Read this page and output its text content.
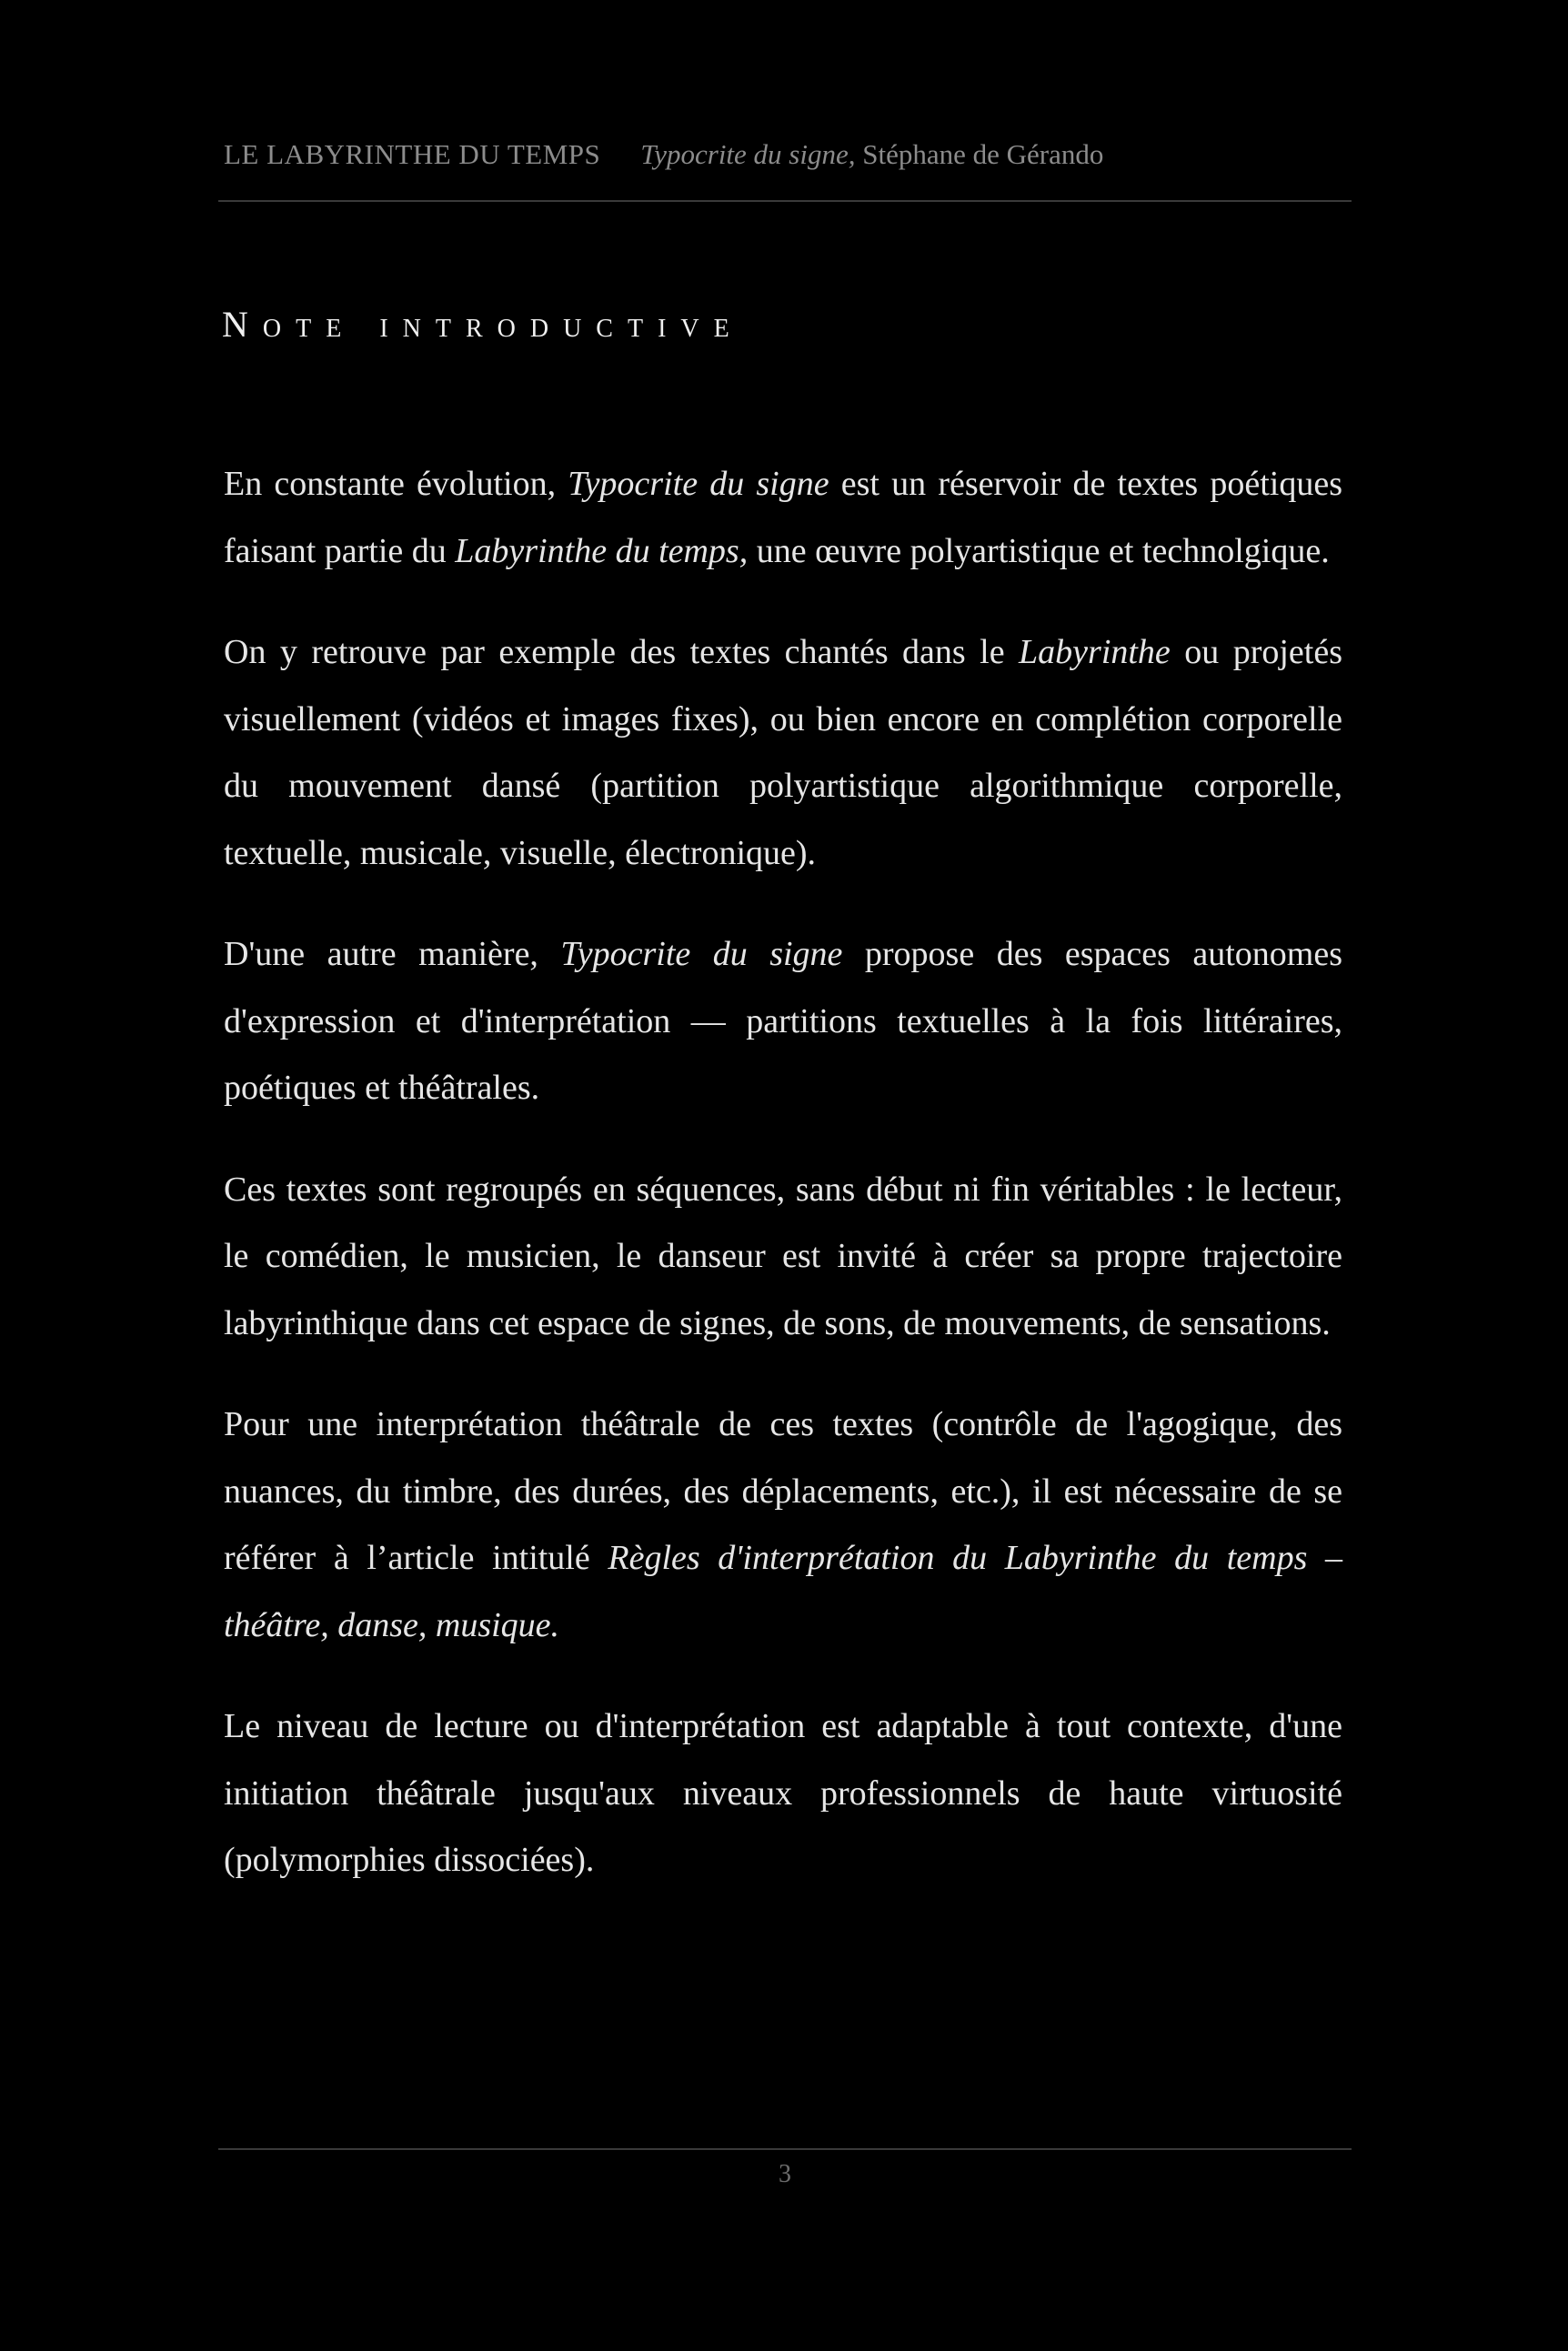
LE LABYRINTHE DU TEMPS Typocrite du signe, Stéphane de Gérando
Note introductive

En constante évolution, Typocrite du signe est un réservoir de textes poétiques faisant partie du Labyrinthe du temps, une œuvre polyartistique et technolgique.

On y retrouve par exemple des textes chantés dans le Labyrinthe ou projetés visuellement (vidéos et images fixes), ou bien encore en complétion corporelle du mouvement dansé (partition polyartistique algorithmique corporelle, textuelle, musicale, visuelle, électronique).

D'une autre manière, Typocrite du signe propose des espaces autonomes d'expression et d'interprétation — partitions textuelles à la fois littéraires, poétiques et théâtrales.

Ces textes sont regroupés en séquences, sans début ni fin véritables : le lecteur, le comédien, le musicien, le danseur est invité à créer sa propre trajectoire labyrinthique dans cet espace de signes, de sons, de mouvements, de sensations.

Pour une interprétation théâtrale de ces textes (contrôle de l'agogique, des nuances, du timbre, des durées, des déplacements, etc.), il est nécessaire de se référer à l’article intitulé Règles d'interprétation du Labyrinthe du temps – théâtre, danse, musique.

Le niveau de lecture ou d'interprétation est adaptable à tout contexte, d'une initiation théâtrale jusqu'aux niveaux professionnels de haute virtuosité (polymorphies dissociées).

3
